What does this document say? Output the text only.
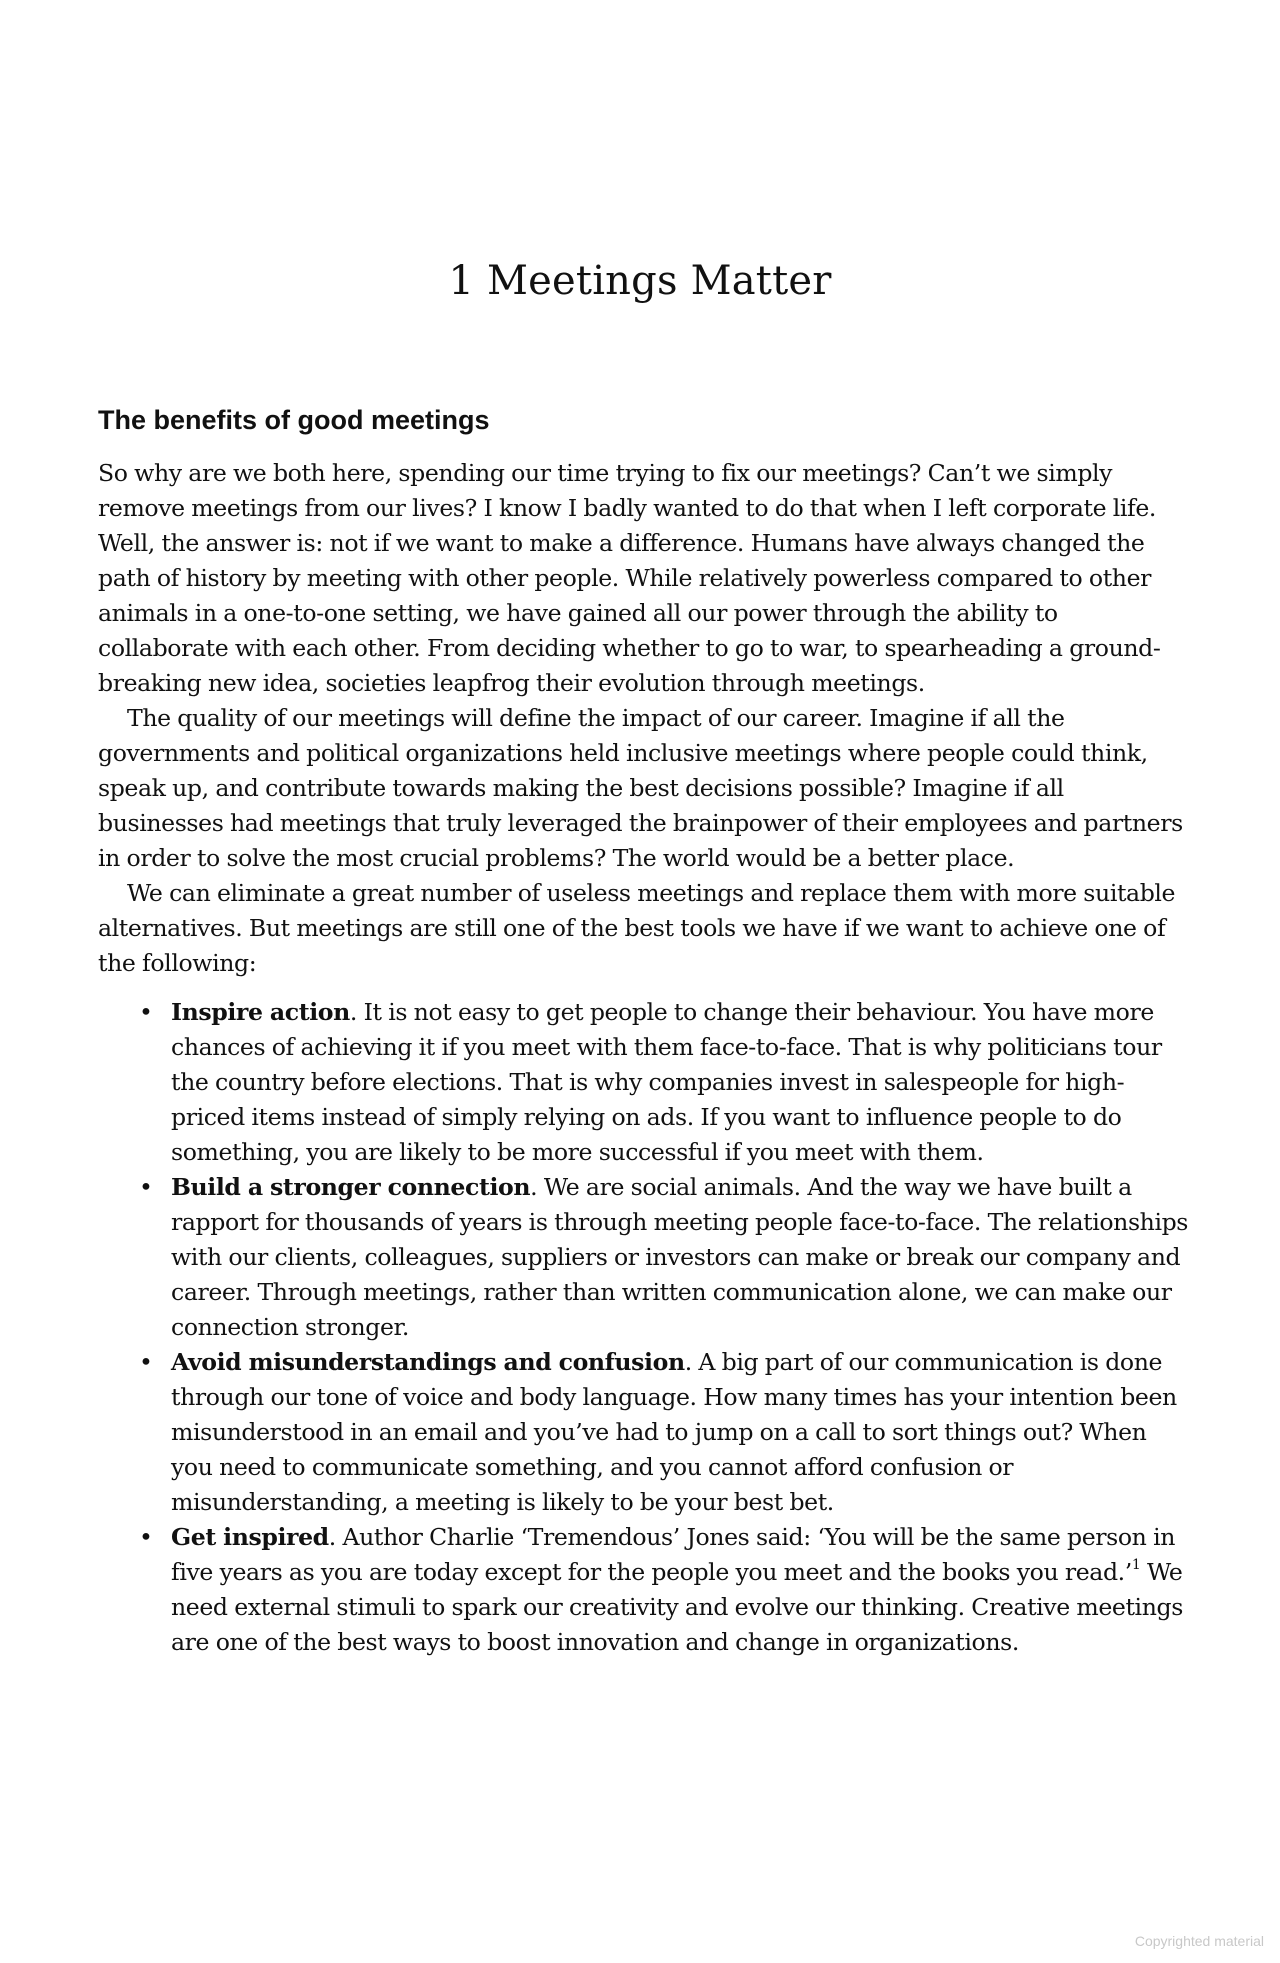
1 Meetings Matter
The benefits of good meetings

So why are we both here, spending our time trying to fix our meetings? Can’t we simply remove meetings from our lives? I know I badly wanted to do that when I left corporate life. Well, the answer is: not if we want to make a difference. Humans have always changed the path of history by meeting with other people. While relatively powerless compared to other animals in a one-to-one setting, we have gained all our power through the ability to collaborate with each other. From deciding whether to go to war, to spearheading a ground-breaking new idea, societies leapfrog their evolution through meetings.

The quality of our meetings will define the impact of our career. Imagine if all the governments and political organizations held inclusive meetings where people could think, speak up, and contribute towards making the best decisions possible? Imagine if all businesses had meetings that truly leveraged the brainpower of their employees and partners in order to solve the most crucial problems? The world would be a better place.

We can eliminate a great number of useless meetings and replace them with more suitable alternatives. But meetings are still one of the best tools we have if we want to achieve one of the following:

• Inspire action. It is not easy to get people to change their behaviour. You have more chances of achieving it if you meet with them face-to-face. That is why politicians tour the country before elections. That is why companies invest in salespeople for high-priced items instead of simply relying on ads. If you want to influence people to do something, you are likely to be more successful if you meet with them.
• Build a stronger connection. We are social animals. And the way we have built a rapport for thousands of years is through meeting people face-to-face. The relationships with our clients, colleagues, suppliers or investors can make or break our company and career. Through meetings, rather than written communication alone, we can make our connection stronger.
• Avoid misunderstandings and confusion. A big part of our communication is done through our tone of voice and body language. How many times has your intention been misunderstood in an email and you’ve had to jump on a call to sort things out? When you need to communicate something, and you cannot afford confusion or misunderstanding, a meeting is likely to be your best bet.
• Get inspired. Author Charlie ‘Tremendous’ Jones said: ‘You will be the same person in five years as you are today except for the people you meet and the books you read.’$^1$ We need external stimuli to spark our creativity and evolve our thinking. Creative meetings are one of the best ways to boost innovation and change in organizations.
Copyrighted material
